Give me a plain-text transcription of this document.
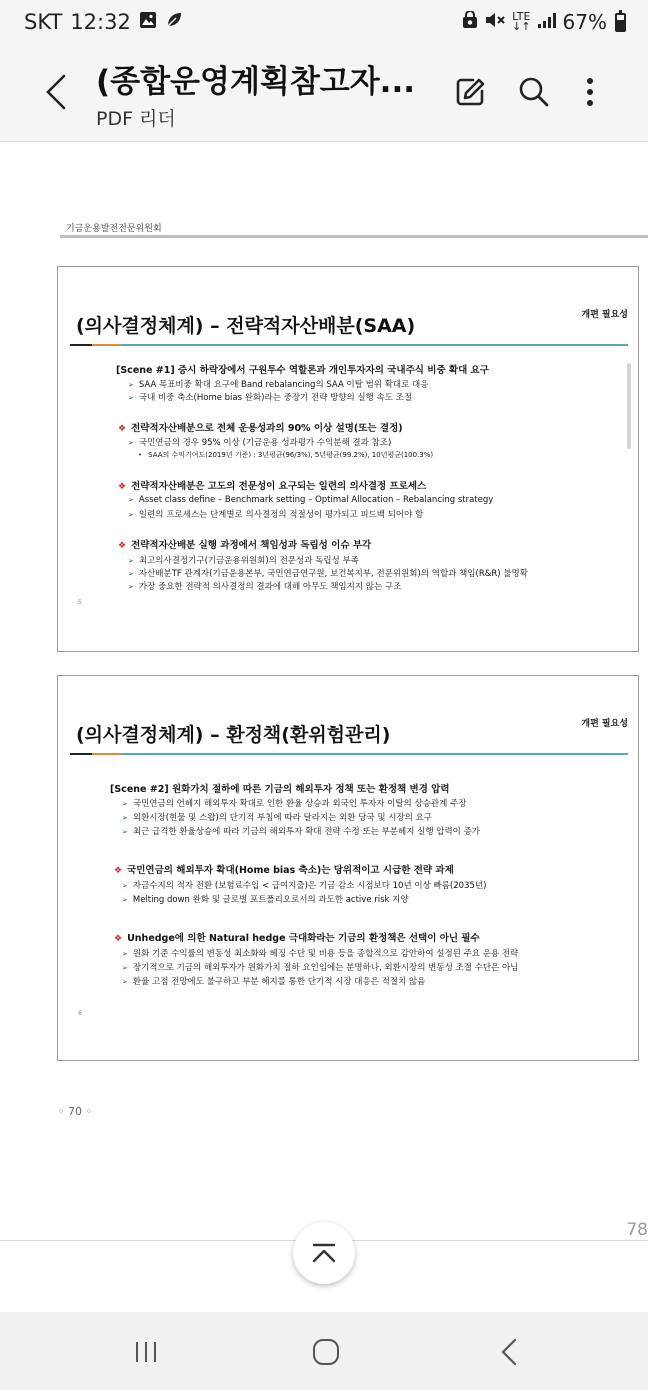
SKT 12:32	LTE
↓↑ 67%
(종합운영계획참고자...
PDF 리더
기금운용발전전문위원회
(의사결정체계) – 전략적자산배분(SAA)	개편 필요성
[Scene #1] 증시 하락장에서 구원투수 역할론과 개인투자자의 국내주식 비중 확대 요구
➢ SAA 목표비중 확대 요구에 Band rebalancing의 SAA 이탈 범위 확대로 대응
➢ 국내 비중 축소(Home bias 완화)라는 중장기 전략 방향의 실행 속도 조절
❖ 전략적자산배분으로 전체 운용성과의 90% 이상 설명(또는 결정)
➢ 국민연금의 경우 95% 이상 (기금운용 성과평가 수익분해 결과 참조)
• SAA의 수익기여도(2019년 기준) : 3년평균(96/3%), 5년평균(99.2%), 10년평균(100.3%)
❖ 전략적자산배분은 고도의 전문성이 요구되는 일련의 의사결정 프로세스
➢ Asset class define – Benchmark setting – Optimal Allocation – Rebalancing strategy
➢ 일련의 프로세스는 단계별로 의사결정의 적절성이 평가되고 피드백 되어야 함
❖ 전략적자산배분 실행 과정에서 책임성과 독립성 이슈 부각
➢ 최고의사결정기구(기금운용위원회)의 전문성과 독립성 부족
➢ 자산배분TF 관계자(기금운용본부, 국민연금연구원, 보건복지부, 전문위원회)의 역할과 책임(R&R) 불명확
➢ 가장 중요한 전략적 의사결정의 결과에 대해 아무도 책임지지 않는 구조
5
(의사결정체계) – 환정책(환위험관리)	개편 필요성
[Scene #2] 원화가치 절하에 따른 기금의 해외투자 정책 또는 환정책 변경 압력
➢ 국민연금의 언헤지 해외투자 확대로 인한 환율 상승과 외국인 투자자 이탈의 상승관계 주장
➢ 외환시장(현물 및 스왑)의 단기적 부침에 따라 달라지는 외환 당국 및 시장의 요구
➢ 최근 급격한 환율상승에 따라 기금의 해외투자 확대 전략 수정 또는 부분헤지 실행 압력이 증가
❖ 국민연금의 해외투자 확대(Home bias 축소)는 당위적이고 시급한 전략 과제
➢ 자금수지의 적자 전환 (보험료수입 < 급여지출)은 기금 감소 시점보다 10년 이상 빠름(2035년)
➢ Melting down 완화 및 글로벌 포트폴리오로서의 과도한 active risk 지양
❖ Unhedge에 의한 Natural hedge 극대화라는 기금의 환정책은 선택이 아닌 필수
➢ 원화 기준 수익률의 변동성 최소화와 헤징 수단 및 비용 등을 종합적으로 감안하여 설정된 주요 운용 전략
➢ 장기적으로 기금의 해외투자가 원화가치 절하 요인임에는 분명하나, 외환시장의 변동성 조절 수단은 아님
➢ 환율 고점 전망에도 불구하고 부분 헤지를 통한 단기적 시장 대응은 적절치 않음
6
◦ 70 ◦
78
